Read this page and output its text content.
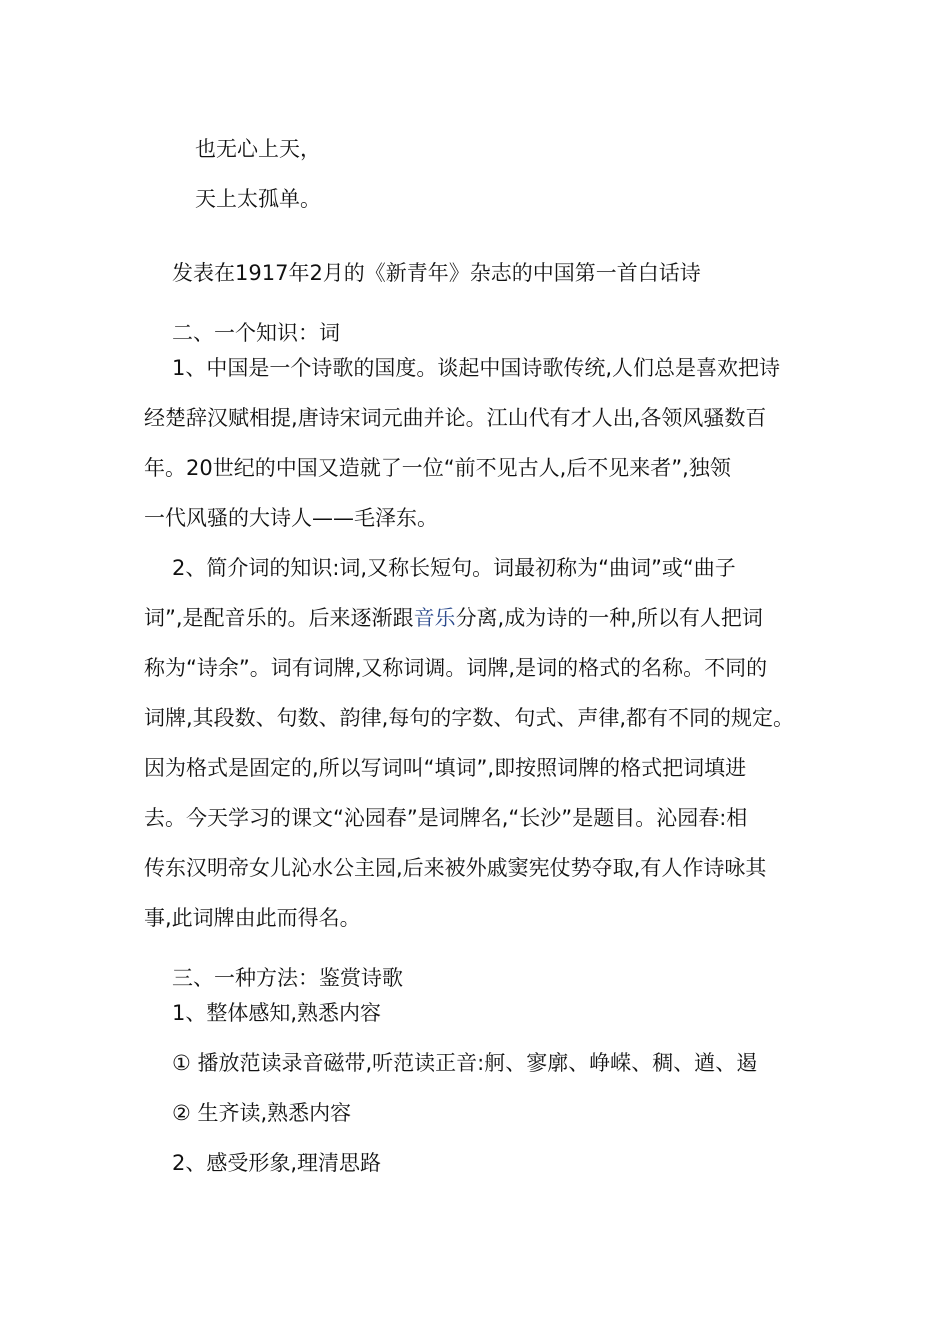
也无心上天，
天上太孤单。
发表在1917年2月的《新青年》杂志的中国第一首白话诗
二、一个知识：词
1、中国是一个诗歌的国度。谈起中国诗歌传统,人们总是喜欢把诗
经楚辞汉赋相提,唐诗宋词元曲并论。江山代有才人出,各领风骚数百
年。20世纪的中国又造就了一位“前不见古人,后不见来者”,独领
一代风骚的大诗人——毛泽东。
2、简介词的知识:词,又称长短句。词最初称为“曲词”或“曲子
词”,是配音乐的。后来逐渐跟音乐分离,成为诗的一种,所以有人把词
称为“诗余”。词有词牌,又称词调。词牌,是词的格式的名称。不同的
词牌,其段数、句数、韵律,每句的字数、句式、声律,都有不同的规定。
因为格式是固定的,所以写词叫“填词”,即按照词牌的格式把词填进
去。今天学习的课文“沁园春”是词牌名,“长沙”是题目。沁园春:相
传东汉明帝女儿沁水公主园,后来被外戚窦宪仗势夺取,有人作诗咏其
事,此词牌由此而得名。
三、一种方法：鉴赏诗歌
1、整体感知,熟悉内容
① 播放范读录音磁带,听范读正音:舸、寥廓、峥嵘、稠、遒、遏
② 生齐读,熟悉内容
2、感受形象,理清思路
